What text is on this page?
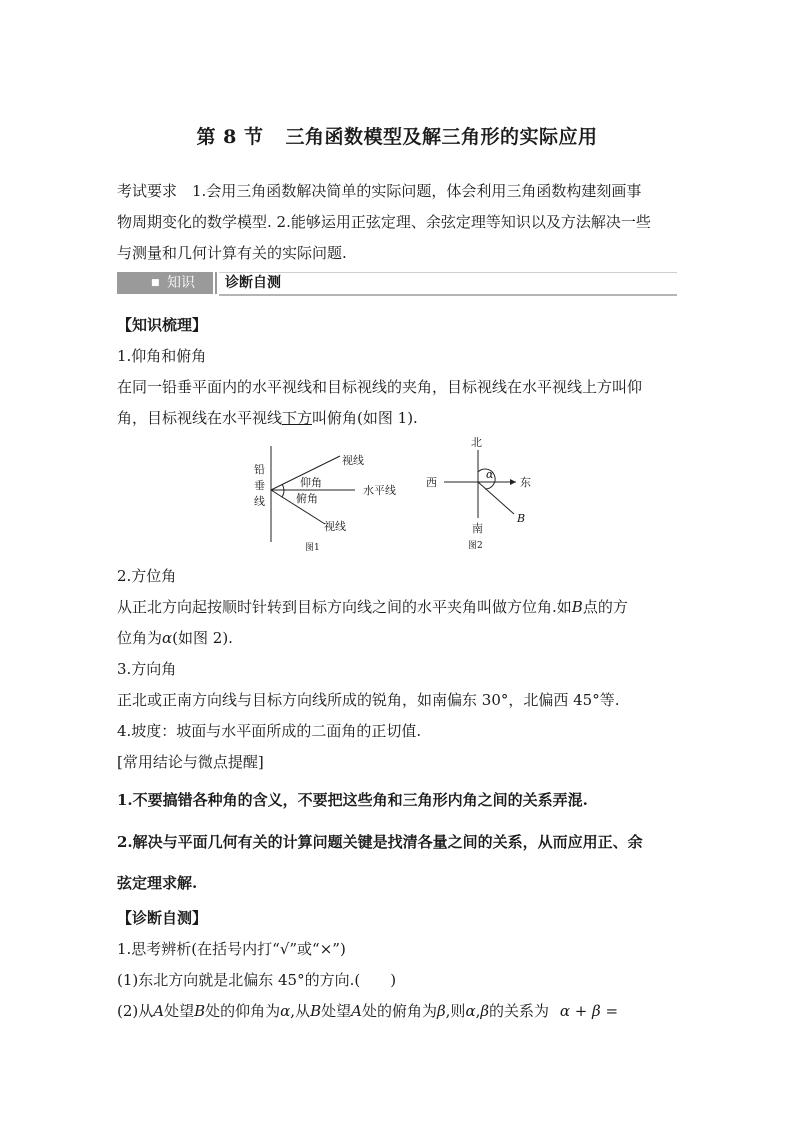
第 8 节 三角函数模型及解三角形的实际应用
考试要求　1.会用三角函数解决简单的实际问题，体会利用三角函数构建刻画事
物周期变化的数学模型. 2.能够运用正弦定理、余弦定理等知识以及方法解决一些
与测量和几何计算有关的实际问题.
■ 知识 诊断自测
【知识梳理】
1.仰角和俯角
在同一铅垂平面内的水平视线和目标视线的夹角，目标视线在水平视线上方叫仰
角，目标视线在水平视线下方叫俯角(如图 1).
铅
垂
线
视线
仰角
水平线
俯角
视线
图1
北
西	东
南
α
B
图2
2.方位角
从正北方向起按顺时针转到目标方向线之间的水平夹角叫做方位角.如B点的方
位角为α(如图 2).
3.方向角
正北或正南方向线与目标方向线所成的锐角，如南偏东 30°，北偏西 45°等.
4.坡度：坡面与水平面所成的二面角的正切值.
[常用结论与微点提醒]
1.不要搞错各种角的含义，不要把这些角和三角形内角之间的关系弄混.
2.解决与平面几何有关的计算问题关键是找清各量之间的关系，从而应用正、余
弦定理求解.
【诊断自测】
1.思考辨析(在括号内打“√”或“×”)
(1)东北方向就是北偏东 45°的方向.(　　)
(2)从A处望B处的仰角为α,从B处望A处的俯角为β,则α,β的关系为 α + β =
